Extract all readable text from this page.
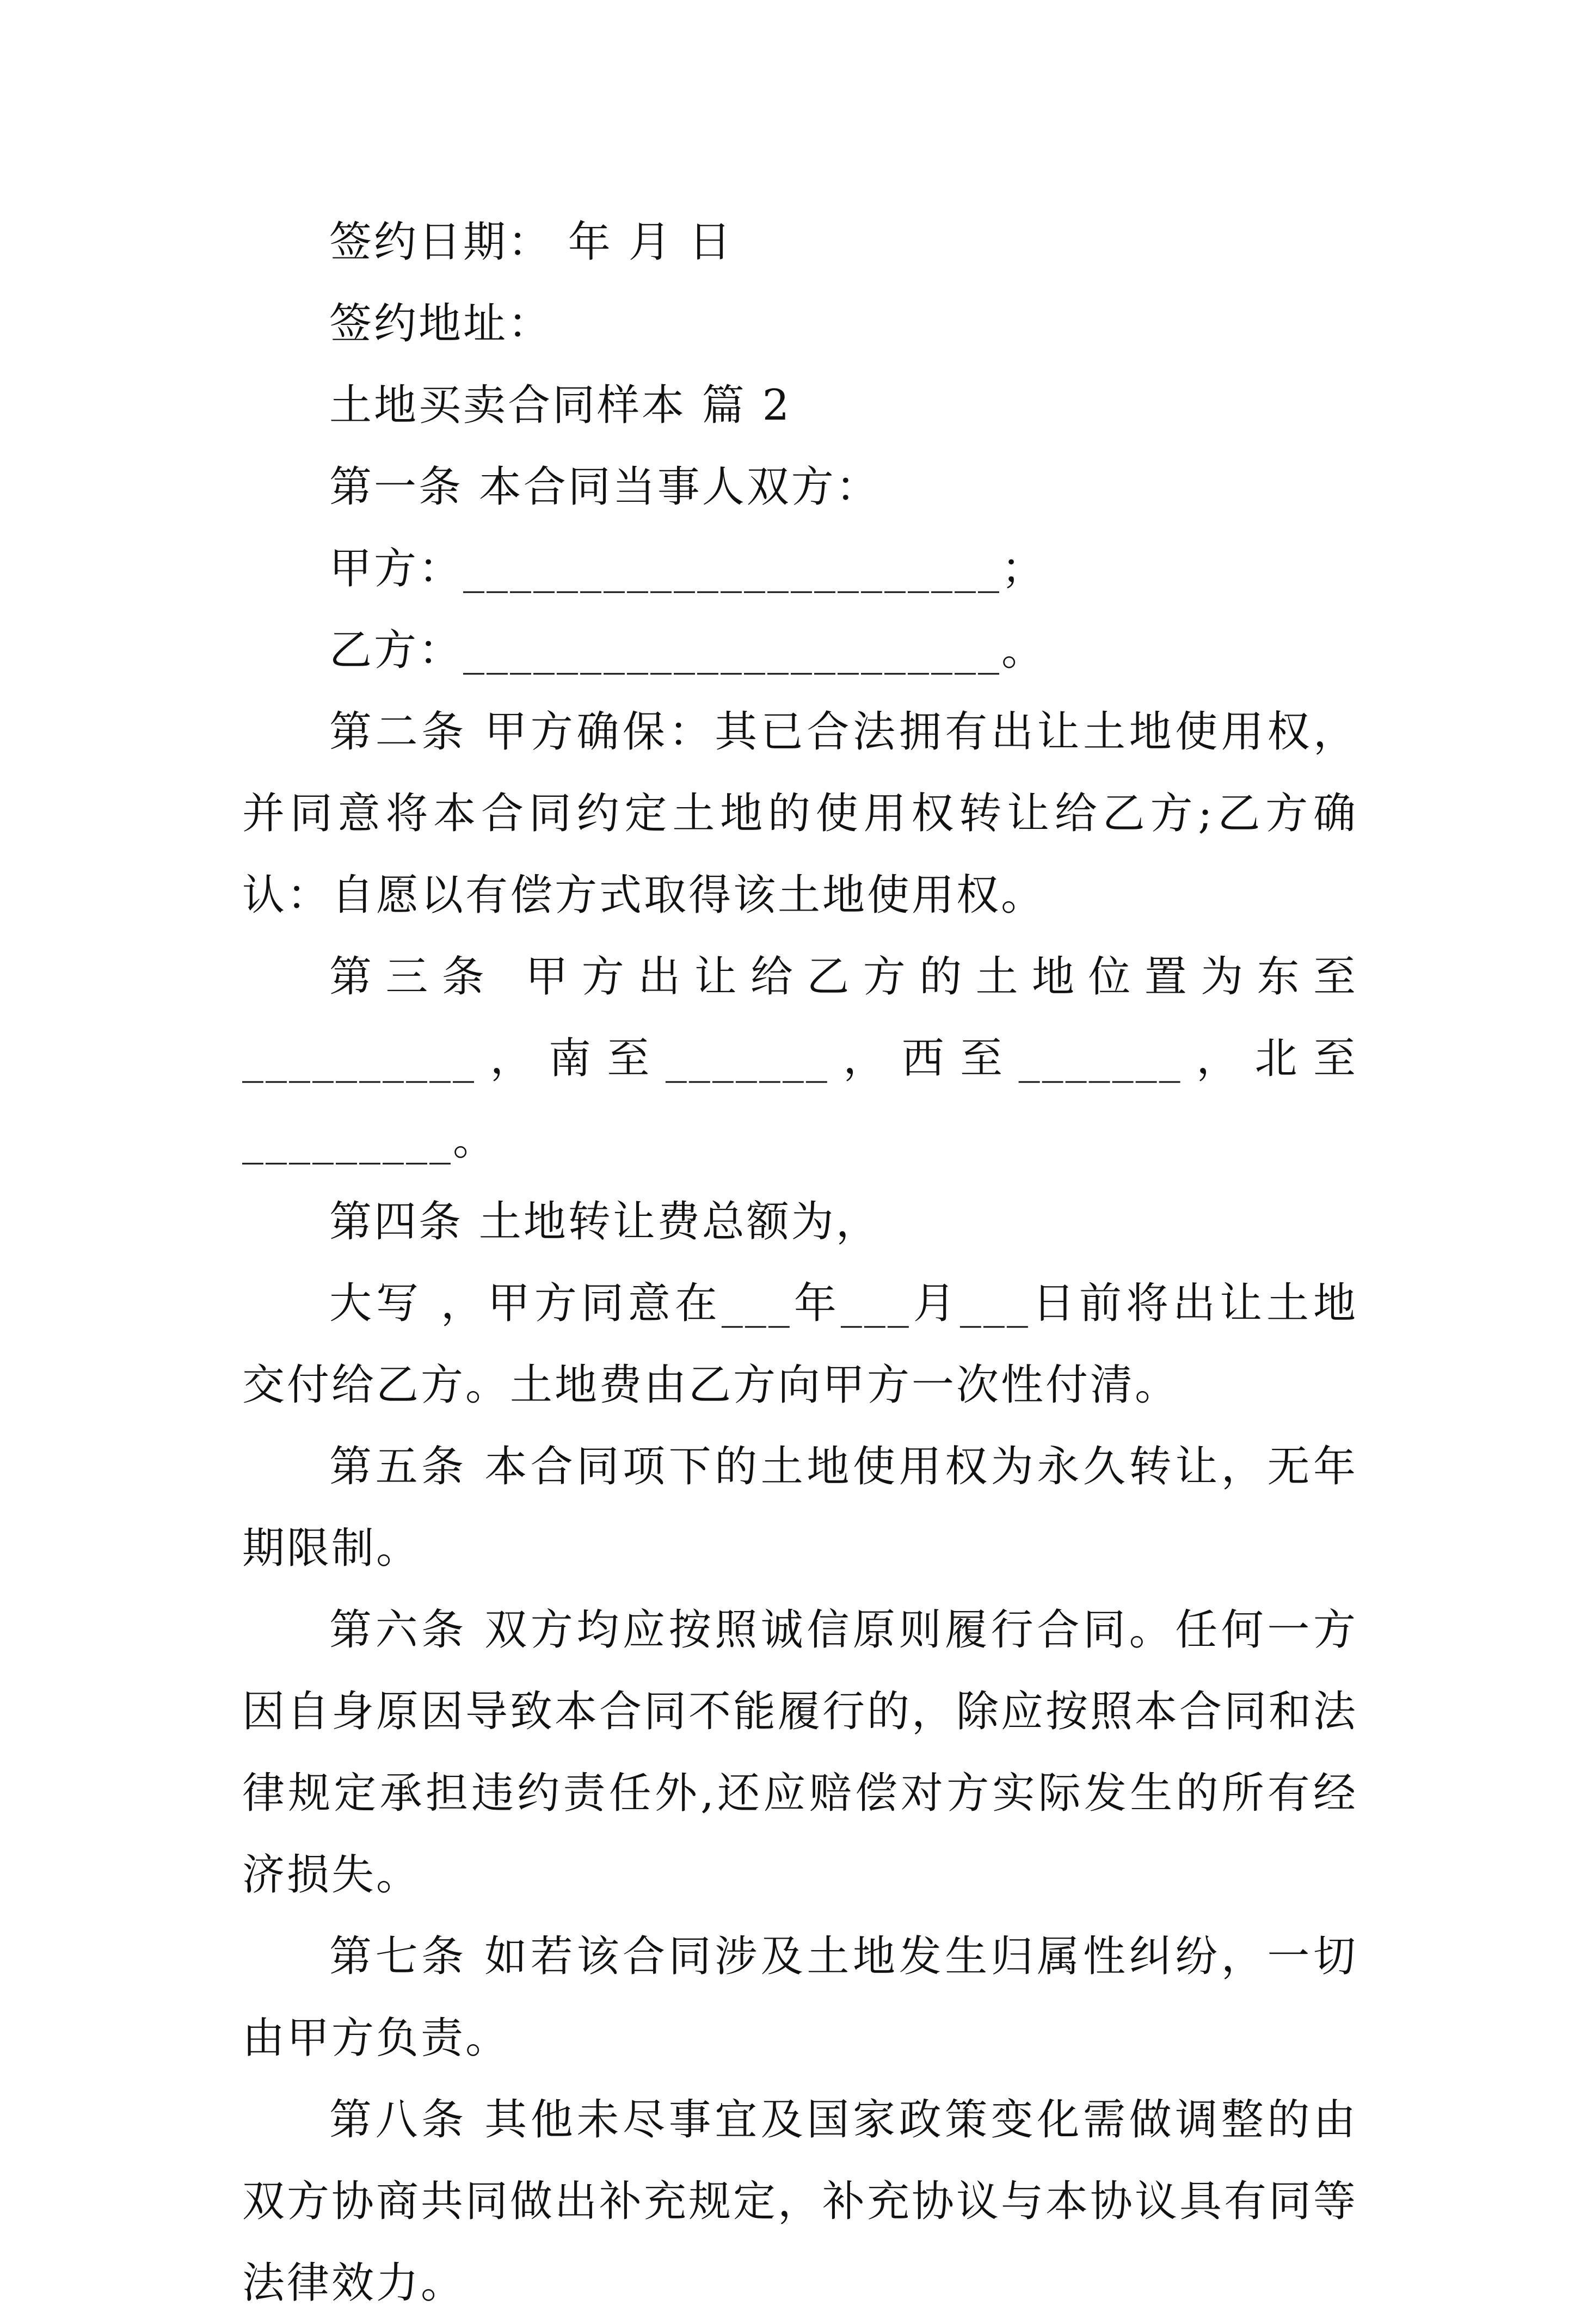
签约日期： 年 月 日

签约地址：

土地买卖合同样本 篇 2

第一条 本合同当事人双方：

甲方：_______________________；

乙方：_______________________。

第二条 甲方确保：其已合法拥有出让土地使用权，并同意将本合同约定土地的使用权转让给乙方;乙方确认：自愿以有偿方式取得该土地使用权。

第三条 甲方出让给乙方的土地位置为东至__________，南至_______，西至_______，北至_________。

第四条 土地转让费总额为，

大写 ，甲方同意在___年___月___日前将出让土地交付给乙方。土地费由乙方向甲方一次性付清。

第五条 本合同项下的土地使用权为永久转让，无年期限制。

第六条 双方均应按照诚信原则履行合同。任何一方因自身原因导致本合同不能履行的，除应按照本合同和法律规定承担违约责任外,还应赔偿对方实际发生的所有经济损失。

第七条 如若该合同涉及土地发生归属性纠纷，一切由甲方负责。

第八条 其他未尽事宜及国家政策变化需做调整的由双方协商共同做出补充规定，补充协议与本协议具有同等法律效力。
